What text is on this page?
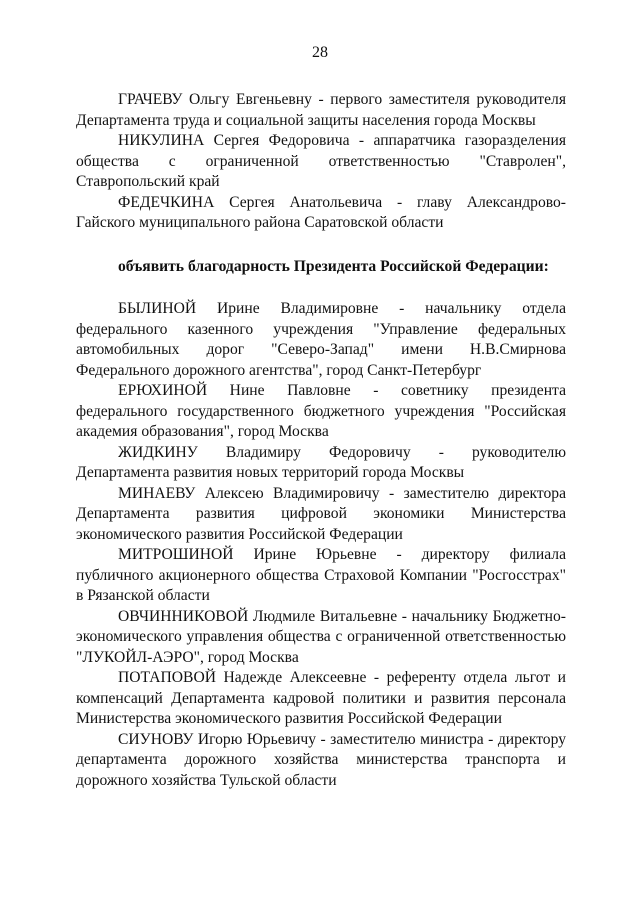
28

ГРАЧЕВУ Ольгу Евгеньевну - первого заместителя руководителя Департамента труда и социальной защиты населения города Москвы

НИКУЛИНА Сергея Федоровича - аппаратчика газоразделения общества с ограниченной ответственностью "Ставролен", Ставропольский край

ФЕДЕЧКИНА Сергея Анатольевича - главу Александрово-Гайского муниципального района Саратовской области

объявить благодарность Президента Российской Федерации:

БЫЛИНОЙ Ирине Владимировне - начальнику отдела федерального казенного учреждения "Управление федеральных автомобильных дорог "Северо-Запад" имени Н.В.Смирнова Федерального дорожного агентства", город Санкт-Петербург

ЕРЮХИНОЙ Нине Павловне - советнику президента федерального государственного бюджетного учреждения "Российская академия образования", город Москва

ЖИДКИНУ Владимиру Федоровичу - руководителю Департамента развития новых территорий города Москвы

МИНАЕВУ Алексею Владимировичу - заместителю директора Департамента развития цифровой экономики Министерства экономического развития Российской Федерации

МИТРОШИНОЙ Ирине Юрьевне - директору филиала публичного акционерного общества Страховой Компании "Росгосстрах" в Рязанской области

ОВЧИННИКОВОЙ Людмиле Витальевне - начальнику Бюджетно-экономического управления общества с ограниченной ответственностью "ЛУКОЙЛ-АЭРО", город Москва

ПОТАПОВОЙ Надежде Алексеевне - референту отдела льгот и компенсаций Департамента кадровой политики и развития персонала Министерства экономического развития Российской Федерации

СИУНОВУ Игорю Юрьевичу - заместителю министра - директору департамента дорожного хозяйства министерства транспорта и дорожного хозяйства Тульской области
